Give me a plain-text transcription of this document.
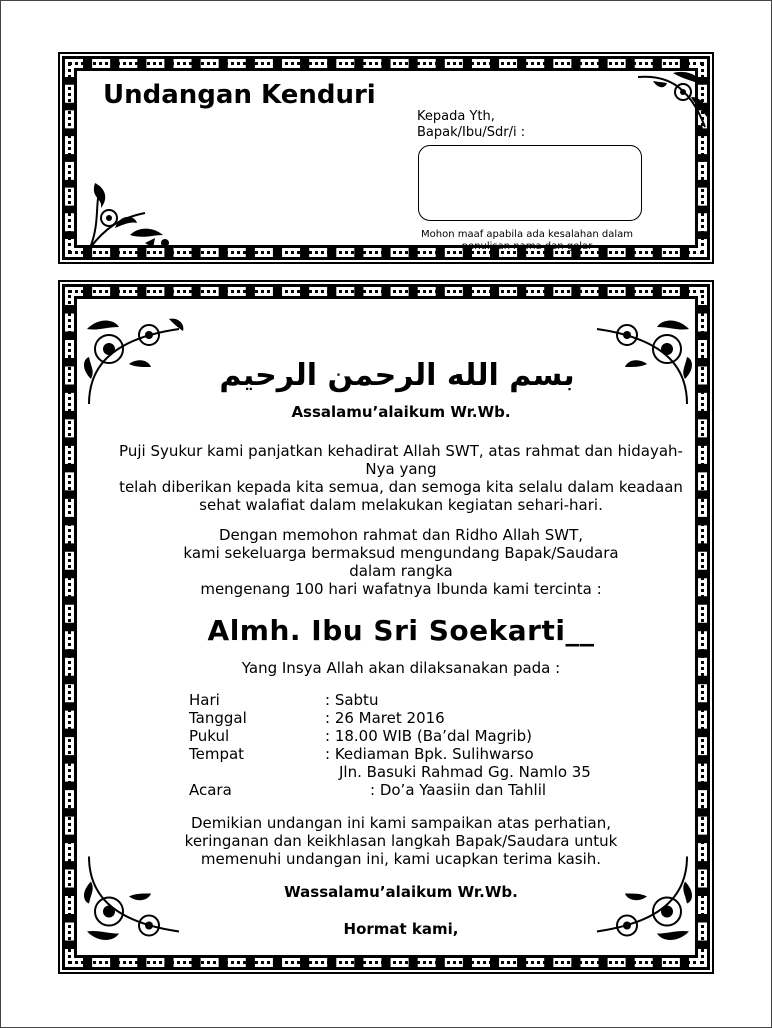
Undangan Kenduri

Kepada Yth,

Bapak/Ibu/Sdr/i :

Mohon maaf apabila ada kesalahan dalam penulisan nama dan gelar

بسم الله الرحمن الرحيم

Assalamu’alaikum Wr.Wb.

Puji Syukur kami panjatkan kehadirat Allah SWT, atas rahmat dan hidayah-
Nya yang
telah diberikan kepada kita semua, dan semoga kita selalu dalam keadaan
sehat walafiat dalam melakukan kegiatan sehari-hari.
Dengan memohon rahmat dan Ridho Allah SWT,
kami sekeluarga bermaksud mengundang Bapak/Saudara
dalam rangka
mengenang 100 hari wafatnya Ibunda kami tercinta :
Almh. Ibu Sri Soekarti__

Yang Insya Allah akan dilaksanakan pada :

Hari	: Sabtu
Tanggal	: 26 Maret 2016
Pukul	: 18.00 WIB (Ba’dal Magrib)
Tempat	: Kediaman Bpk. Sulihwarso
Jln. Basuki Rahmad Gg. Namlo 35
Acara	: Do’a Yaasiin dan Tahlil
Demikian undangan ini kami sampaikan atas perhatian,
keringanan dan keikhlasan langkah Bapak/Saudara untuk
memenuhi undangan ini, kami ucapkan terima kasih.

Wassalamu’alaikum Wr.Wb.

Hormat kami,
